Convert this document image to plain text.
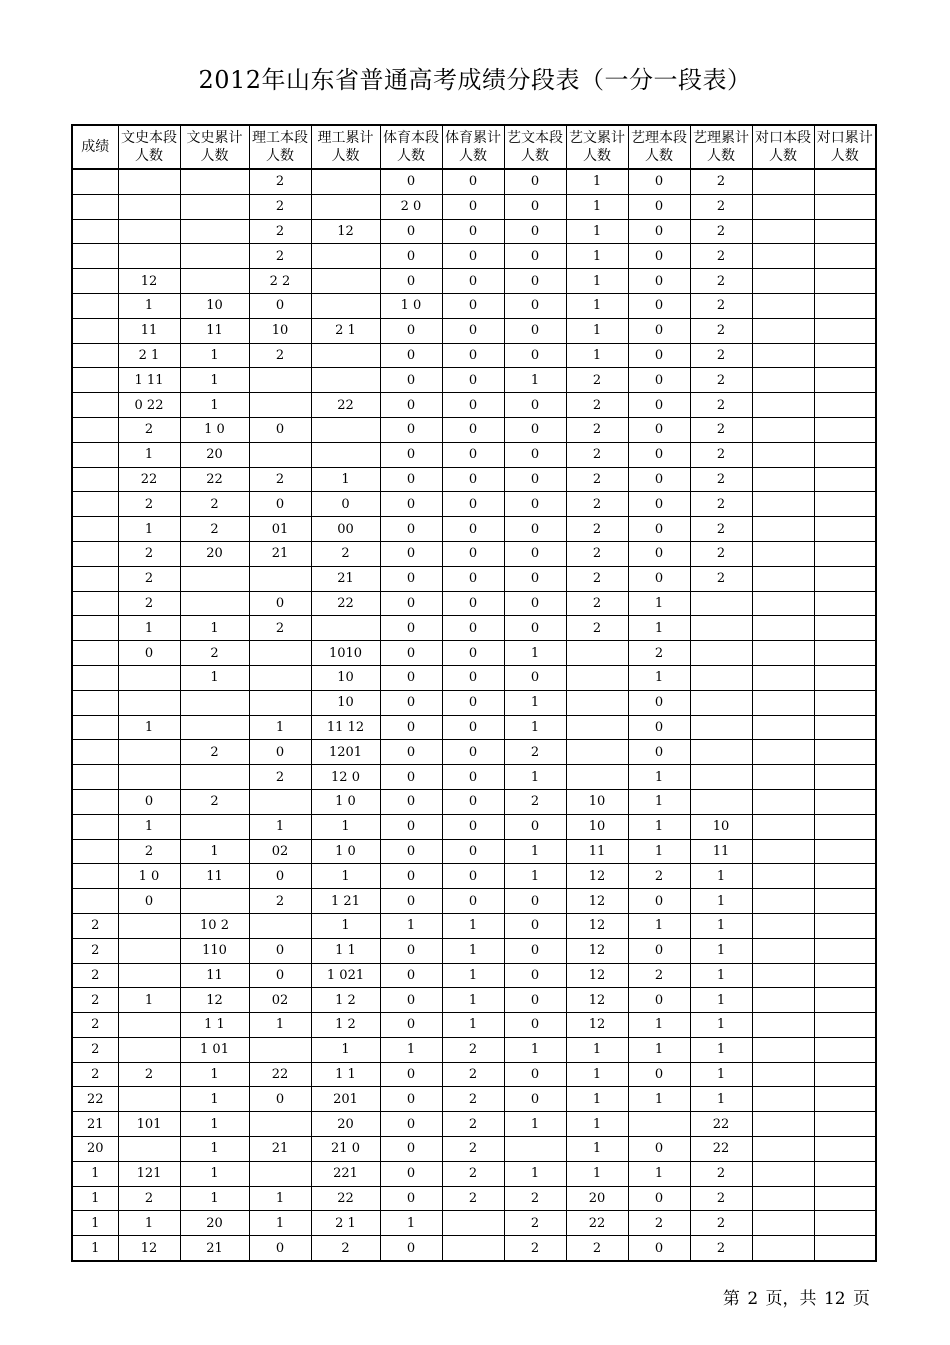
2012年山东省普通高考成绩分段表（一分一段表）
成绩	文史本段人数	文史累计人数	理工本段人数	理工累计人数	体育本段人数	体育累计人数	艺文本段人数	艺文累计人数	艺理本段人数	艺理累计人数	对口本段人数	对口累计人数
			2		0	0	0	1	0	2		
			2		2 0	0	0	1	0	2		
			2	12	0	0	0	1	0	2		
			2		0	0	0	1	0	2		
	12		2 2		0	0	0	1	0	2		
	1	10	0		1 0	0	0	1	0	2		
	11	11	10	2 1	0	0	0	1	0	2		
	2 1	1	2		0	0	0	1	0	2		
	1 11	1			0	0	1	2	0	2		
	0 22	1		22	0	0	0	2	0	2		
	2	1 0	0		0	0	0	2	0	2		
	1	20			0	0	0	2	0	2		
	22	22	2	1	0	0	0	2	0	2		
	2	2	0	0	0	0	0	2	0	2		
	1	2	01	00	0	0	0	2	0	2		
	2	20	21	2	0	0	0	2	0	2		
	2			21	0	0	0	2	0	2		
	2		0	22	0	0	0	2	1			
	1	1	2		0	0	0	2	1			
	0	2		1010	0	0	1		2			
		1		10	0	0	0		1			
				10	0	0	1		0			
	1		1	11 12	0	0	1		0			
		2	0	1201	0	0	2		0			
			2	12 0	0	0	1		1			
	0	2		1 0	0	0	2	10	1			
	1		1	1	0	0	0	10	1	10		
	2	1	02	1 0	0	0	1	11	1	11		
	1 0	11	0	1	0	0	1	12	2	1		
	0		2	1 21	0	0	0	12	0	1		
2		10 2		1	1	1	0	12	1	1		
2		110	0	1 1	0	1	0	12	0	1		
2		11	0	1 021	0	1	0	12	2	1		
2	1	12	02	1 2	0	1	0	12	0	1		
2		1 1	1	1 2	0	1	0	12	1	1		
2		1 01		1	1	2	1	1	1	1		
2	2	1	22	1 1	0	2	0	1	0	1		
22		1	0	201	0	2	0	1	1	1		
21	101	1		20	0	2	1	1		22		
20		1	21	21 0	0	2		1	0	22		
1	121	1		221	0	2	1	1	1	2		
1	2	1	1	22	0	2	2	20	0	2		
1	1	20	1	2 1	1		2	22	2	2		
1	12	21	0	2	0		2	2	0	2		
第 2 页，共 12 页
